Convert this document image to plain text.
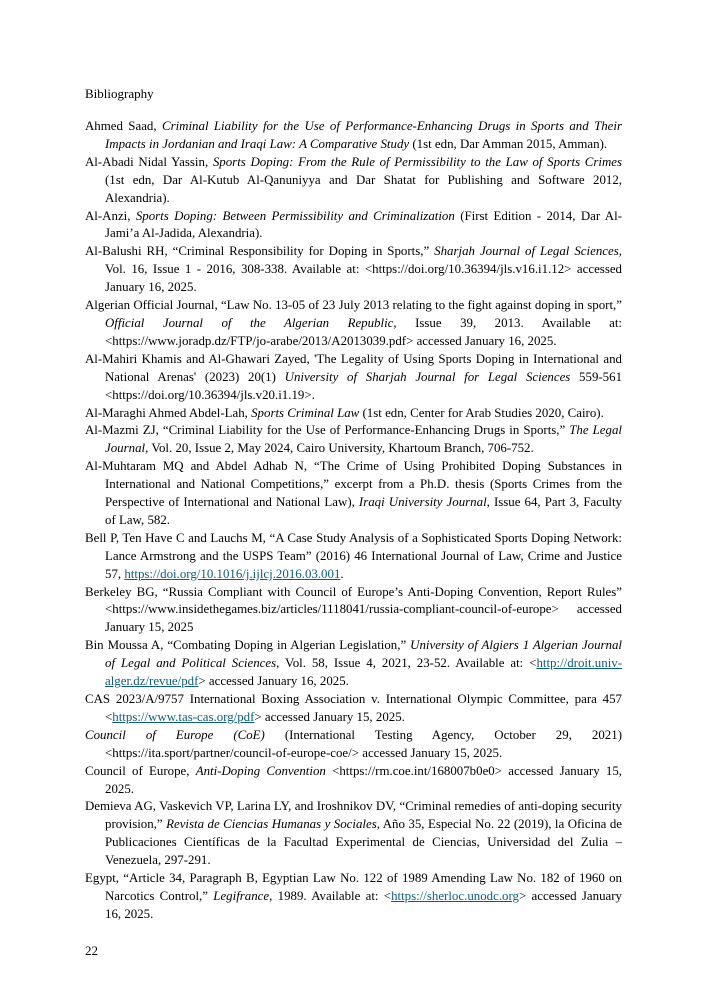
Bibliography

Ahmed Saad, Criminal Liability for the Use of Performance-Enhancing Drugs in Sports and Their Impacts in Jordanian and Iraqi Law: A Comparative Study (1st edn, Dar Amman 2015, Amman).

Al-Abadi Nidal Yassin, Sports Doping: From the Rule of Permissibility to the Law of Sports Crimes (1st edn, Dar Al-Kutub Al-Qanuniyya and Dar Shatat for Publishing and Software 2012, Alexandria).

Al-Anzi, Sports Doping: Between Permissibility and Criminalization (First Edition - 2014, Dar Al-Jami’a Al-Jadida, Alexandria).

Al-Balushi RH, “Criminal Responsibility for Doping in Sports,” Sharjah Journal of Legal Sciences, Vol. 16, Issue 1 - 2016, 308-338. Available at: <https://doi.org/10.36394/jls.v16.i1.12> accessed January 16, 2025.

Algerian Official Journal, “Law No. 13-05 of 23 July 2013 relating to the fight against doping in sport,” Official Journal of the Algerian Republic, Issue 39, 2013. Available at: <https://www.joradp.dz/FTP/jo-arabe/2013/A2013039.pdf> accessed January 16, 2025.

Al-Mahiri Khamis and Al-Ghawari Zayed, 'The Legality of Using Sports Doping in International and National Arenas' (2023) 20(1) University of Sharjah Journal for Legal Sciences 559-561 <https://doi.org/10.36394/jls.v20.i1.19>.

Al-Maraghi Ahmed Abdel-Lah, Sports Criminal Law (1st edn, Center for Arab Studies 2020, Cairo).

Al-Mazmi ZJ, “Criminal Liability for the Use of Performance-Enhancing Drugs in Sports,” The Legal Journal, Vol. 20, Issue 2, May 2024, Cairo University, Khartoum Branch, 706-752.

Al-Muhtaram MQ and Abdel Adhab N, “The Crime of Using Prohibited Doping Substances in International and National Competitions,” excerpt from a Ph.D. thesis (Sports Crimes from the Perspective of International and National Law), Iraqi University Journal, Issue 64, Part 3, Faculty of Law, 582.

Bell P, Ten Have C and Lauchs M, “A Case Study Analysis of a Sophisticated Sports Doping Network: Lance Armstrong and the USPS Team” (2016) 46 International Journal of Law, Crime and Justice 57, https://doi.org/10.1016/j.ijlcj.2016.03.001.

Berkeley BG, “Russia Compliant with Council of Europe’s Anti-Doping Convention, Report Rules” <https://www.insidethegames.biz/articles/1118041/russia-compliant-council-of-europe> accessed January 15, 2025

Bin Moussa A, “Combating Doping in Algerian Legislation,” University of Algiers 1 Algerian Journal of Legal and Political Sciences, Vol. 58, Issue 4, 2021, 23-52. Available at: <http://droit.univ-alger.dz/revue/pdf> accessed January 16, 2025.

CAS 2023/A/9757 International Boxing Association v. International Olympic Committee, para 457 <https://www.tas-cas.org/pdf> accessed January 15, 2025.

Council of Europe (CoE) (International Testing Agency, October 29, 2021) <https://ita.sport/partner/council-of-europe-coe/> accessed January 15, 2025.

Council of Europe, Anti-Doping Convention <https://rm.coe.int/168007b0e0> accessed January 15, 2025.

Demieva AG, Vaskevich VP, Larina LY, and Iroshnikov DV, “Criminal remedies of anti-doping security provision,” Revista de Ciencias Humanas y Sociales, Año 35, Especial No. 22 (2019), la Oficina de Publicaciones Científicas de la Facultad Experimental de Ciencias, Universidad del Zulia –Venezuela, 297-291.

Egypt, “Article 34, Paragraph B, Egyptian Law No. 122 of 1989 Amending Law No. 182 of 1960 on Narcotics Control,” Legifrance, 1989. Available at: <https://sherloc.unodc.org> accessed January 16, 2025.

22
